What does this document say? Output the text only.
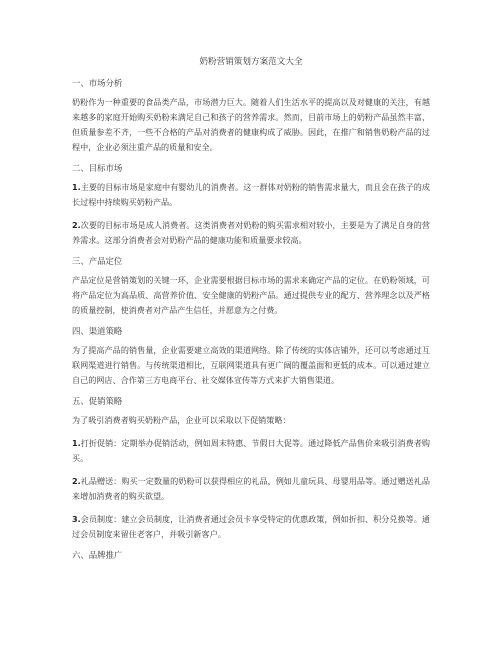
奶粉营销策划方案范文大全
一、市场分析

奶粉作为一种重要的食品类产品，市场潜力巨大。随着人们生活水平的提高以及对健康的关注，有越来越多的家庭开始购买奶粉来满足自己和孩子的营养需求。然而，目前市场上的奶粉产品虽然丰富，但质量参差不齐，一些不合格的产品对消费者的健康构成了威胁。因此，在推广和销售奶粉产品的过程中，企业必须注重产品的质量和安全。

二、目标市场

1.主要的目标市场是家庭中有婴幼儿的消费者。这一群体对奶粉的销售需求量大，而且会在孩子的成长过程中持续购买奶粉产品。

2.次要的目标市场是成人消费者。这类消费者对奶粉的购买需求相对较小，主要是为了满足自身的营养需求。这部分消费者会对奶粉产品的健康功能和质量要求较高。

三、产品定位

产品定位是营销策划的关键一环，企业需要根据目标市场的需求来确定产品的定位。在奶粉领域，可将产品定位为高品质、高营养价值、安全健康的奶粉产品。通过提供专业的配方、营养理念以及严格的质量控制，使消费者对产品产生信任，并愿意为之付费。

四、渠道策略

为了提高产品的销售量，企业需要建立高效的渠道网络。除了传统的实体店铺外，还可以考虑通过互联网渠道进行销售。与传统渠道相比，互联网渠道具有更广阔的覆盖面和更低的成本。可以通过建立自己的网店、合作第三方电商平台、社交媒体宣传等方式来扩大销售渠道。

五、促销策略

为了吸引消费者购买奶粉产品，企业可以采取以下促销策略：

1.打折促销：定期举办促销活动，例如周末特惠、节假日大促等。通过降低产品售价来吸引消费者购买。

2.礼品赠送：购买一定数量的奶粉可以获得相应的礼品，例如儿童玩具、母婴用品等。通过赠送礼品来增加消费者的购买欲望。

3.会员制度：建立会员制度，让消费者通过会员卡享受特定的优惠政策，例如折扣、积分兑换等。通过会员制度来留住老客户，并吸引新客户。

六、品牌推广
